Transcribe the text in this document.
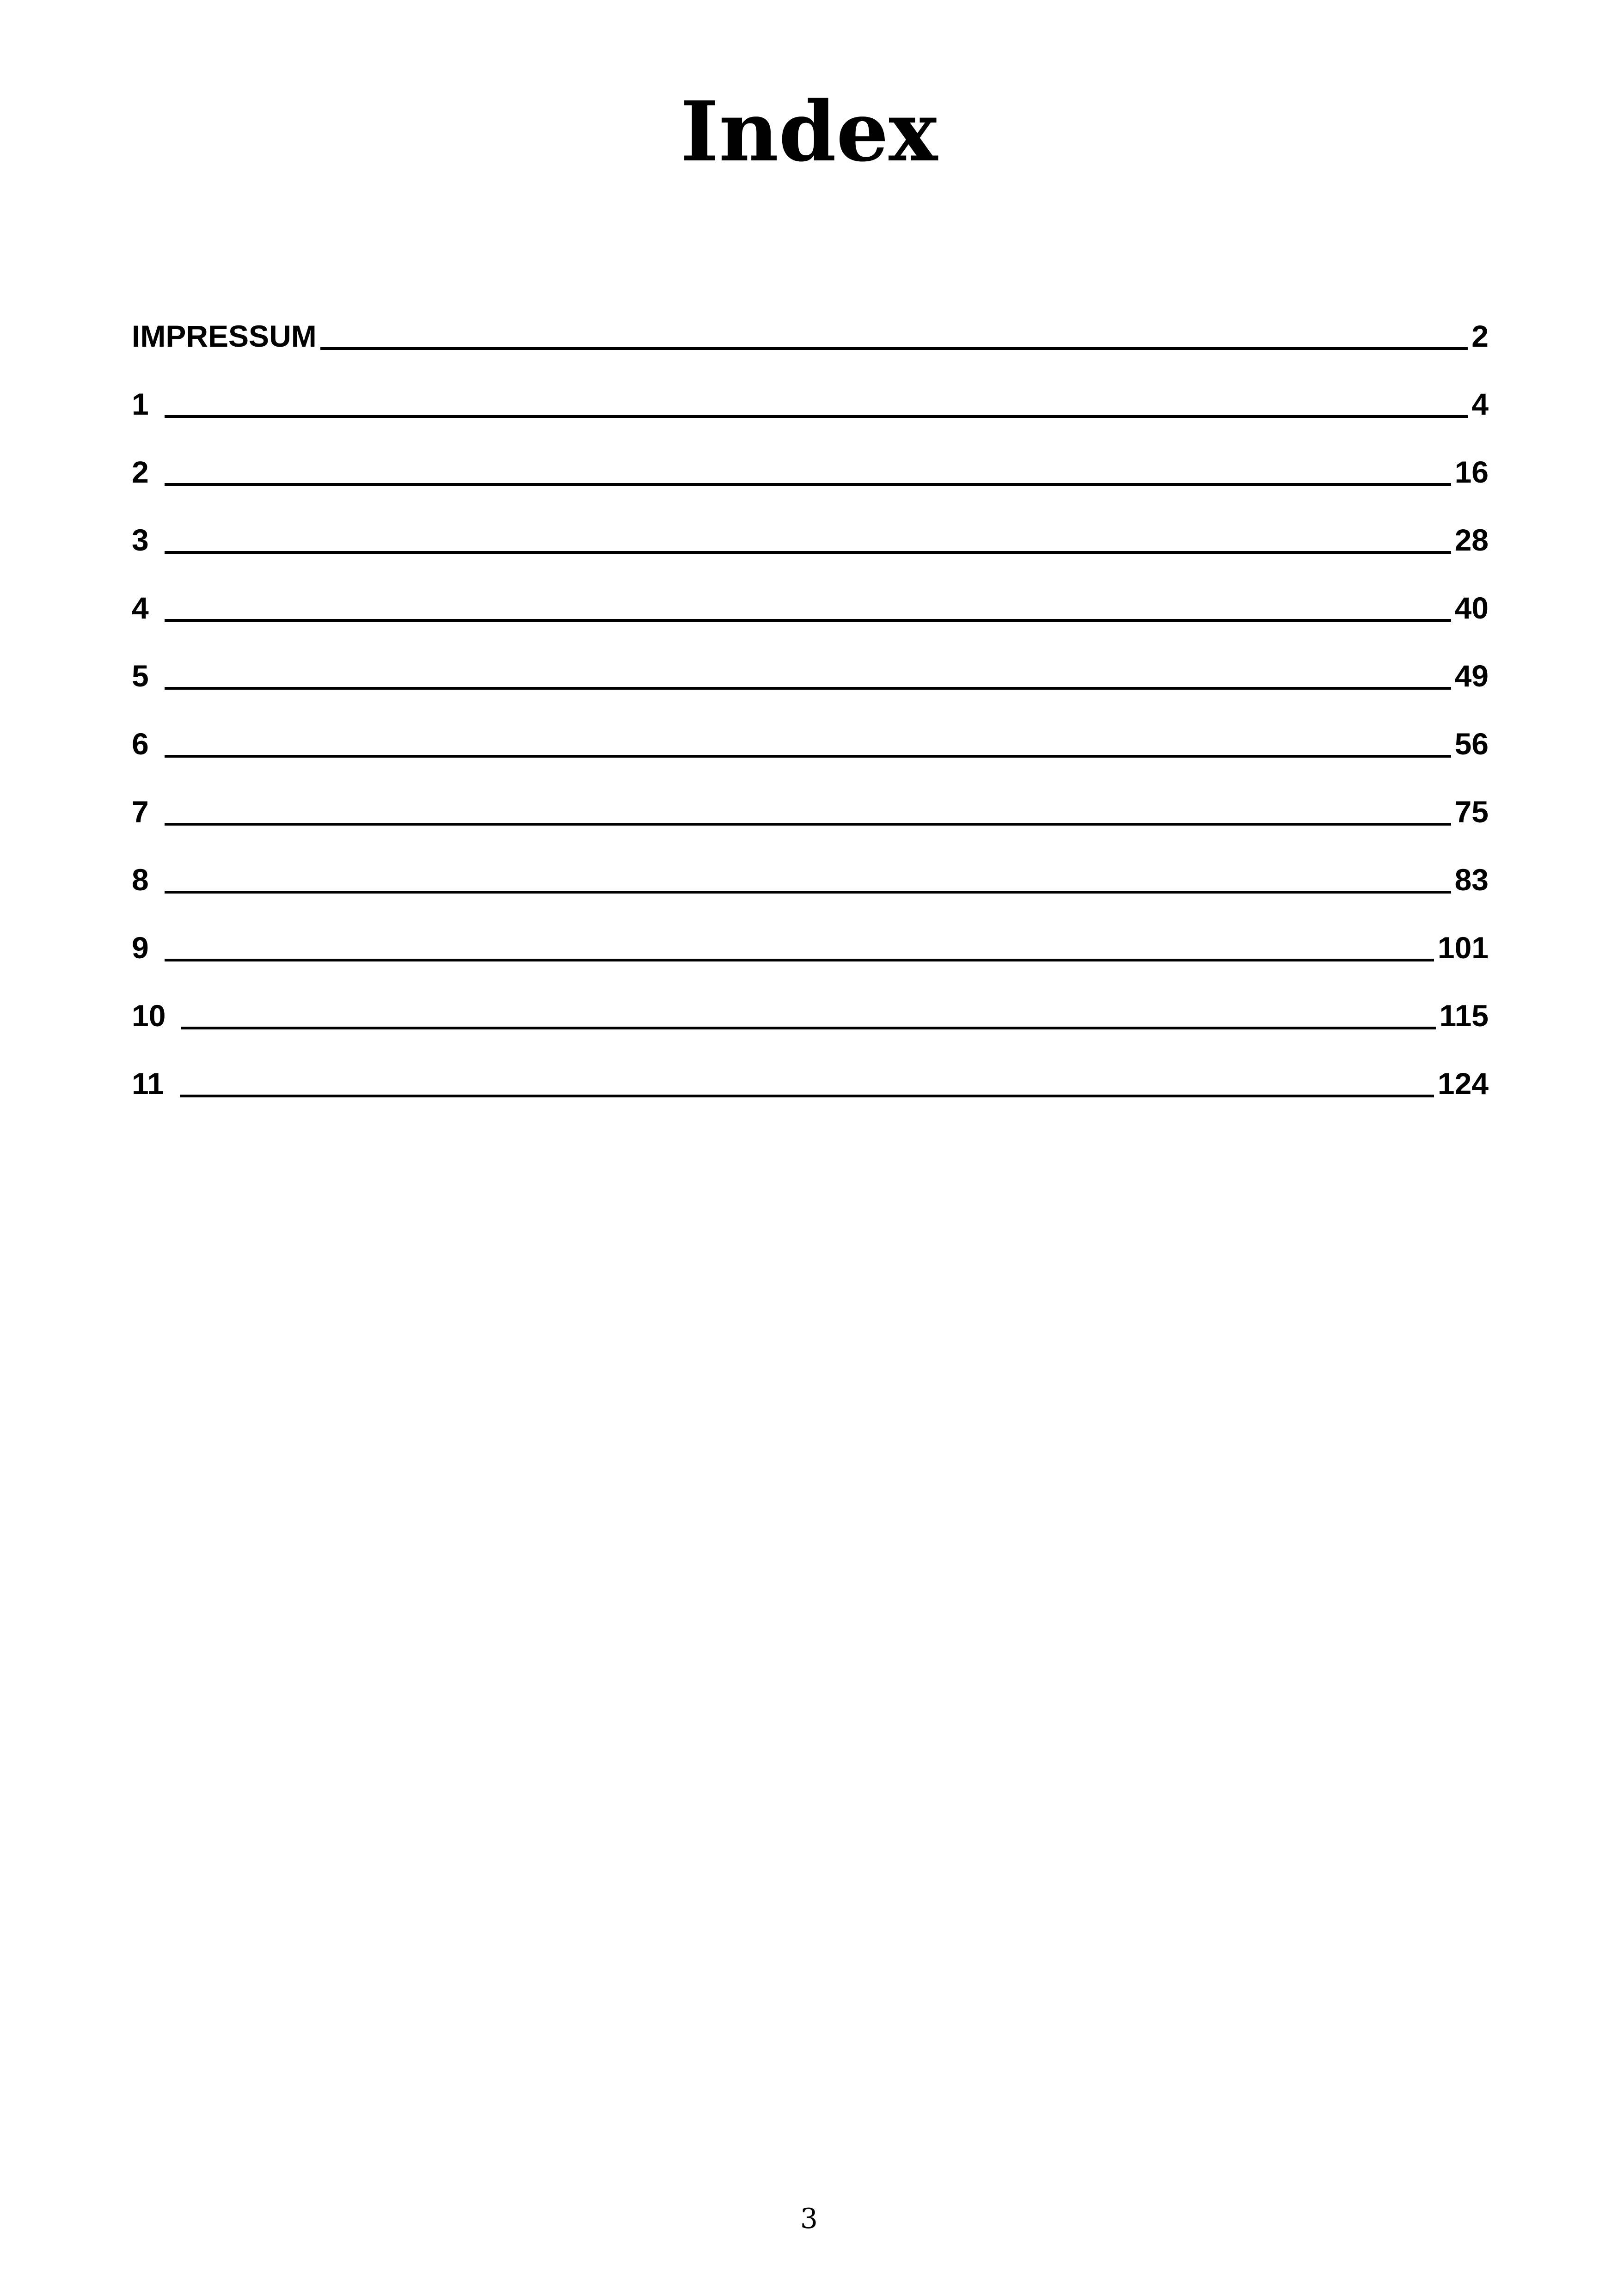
Index
IMPRESSUM	2
1	4
2	16
3	28
4	40
5	49
6	56
7	75
8	83
9	101
10	115
11	124
3
